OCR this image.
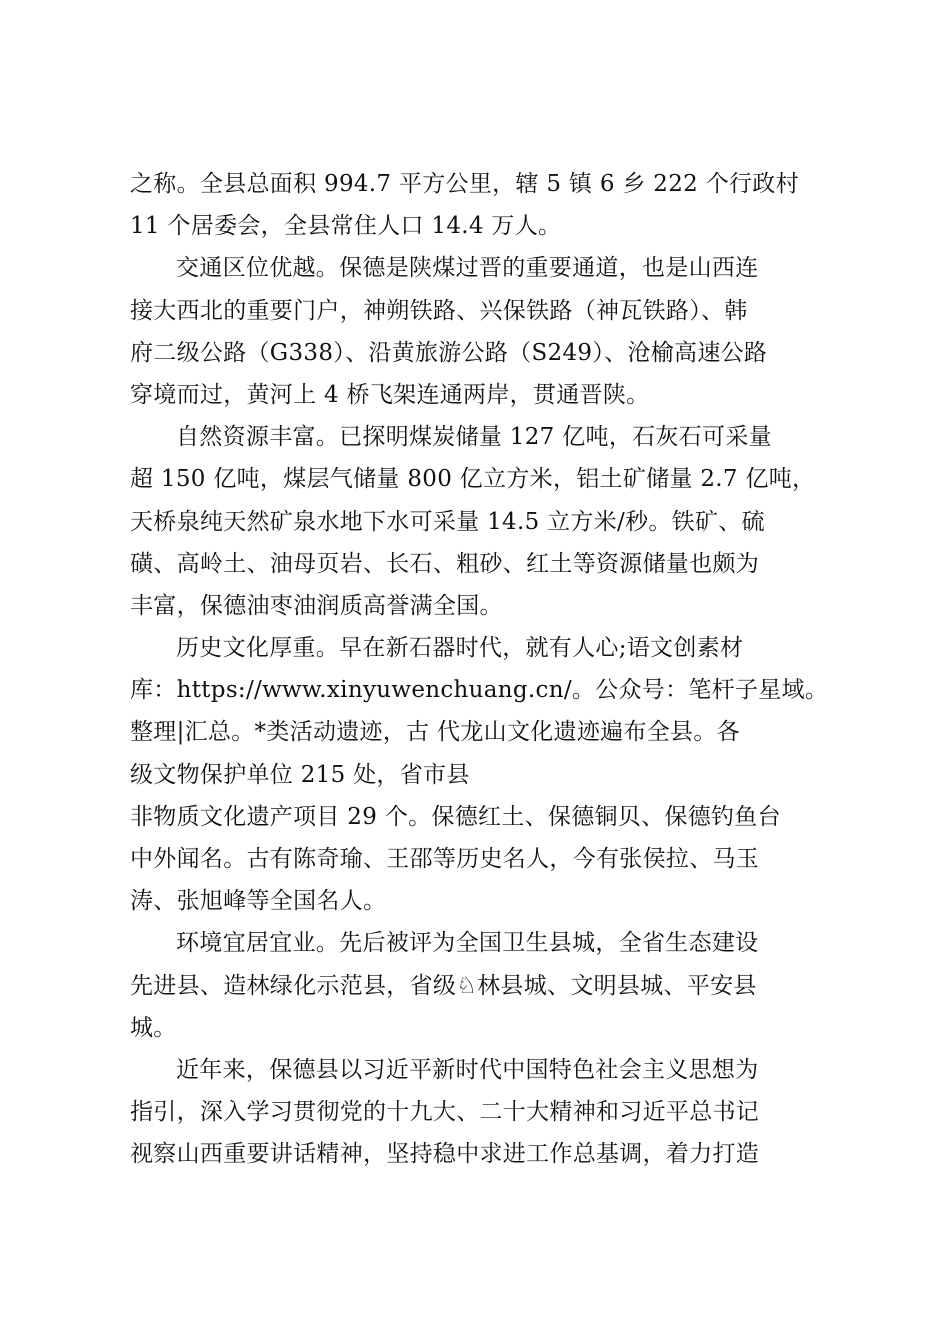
之称。全县总面积 994.7 平方公里，辖 5 镇 6 乡 222 个行政村
11 个居委会，全县常住人口 14.4 万人。
交通区位优越。保德是陕煤过晋的重要通道，也是山西连
接大西北的重要门户，神朔铁路、兴保铁路（神瓦铁路）、韩
府二级公路（G338）、沿黄旅游公路（S249）、沧榆高速公路
穿境而过，黄河上 4 桥飞架连通两岸，贯通晋陕。
自然资源丰富。已探明煤炭储量 127 亿吨，石灰石可采量
超 150 亿吨，煤层气储量 800 亿立方米，铝土矿储量 2.7 亿吨，
天桥泉纯天然矿泉水地下水可采量 14.5 立方米/秒。铁矿、硫
磺、高岭土、油母页岩、长石、粗砂、红土等资源储量也颇为
丰富，保德油枣油润质高誉满全国。
历史文化厚重。早在新石器时代，就有人心;语文创素材
库：https://www.xinyuwenchuang.cn/。公众号：笔杆子星域。
整理|汇总。*类活动遗迹，古 代龙山文化遗迹遍布全县。各
级文物保护单位 215 处，省市县
非物质文化遗产项目 29 个。保德红土、保德铜贝、保德钓鱼台
中外闻名。古有陈奇瑜、王邵等历史名人，今有张侯拉、马玉
涛、张旭峰等全国名人。
环境宜居宜业。先后被评为全国卫生县城，全省生态建设
先进县、造林绿化示范县，省级♘林县城、文明县城、平安县
城。
近年来，保德县以习近平新时代中国特色社会主义思想为
指引，深入学习贯彻党的十九大、二十大精神和习近平总书记
视察山西重要讲话精神，坚持稳中求进工作总基调，着力打造
